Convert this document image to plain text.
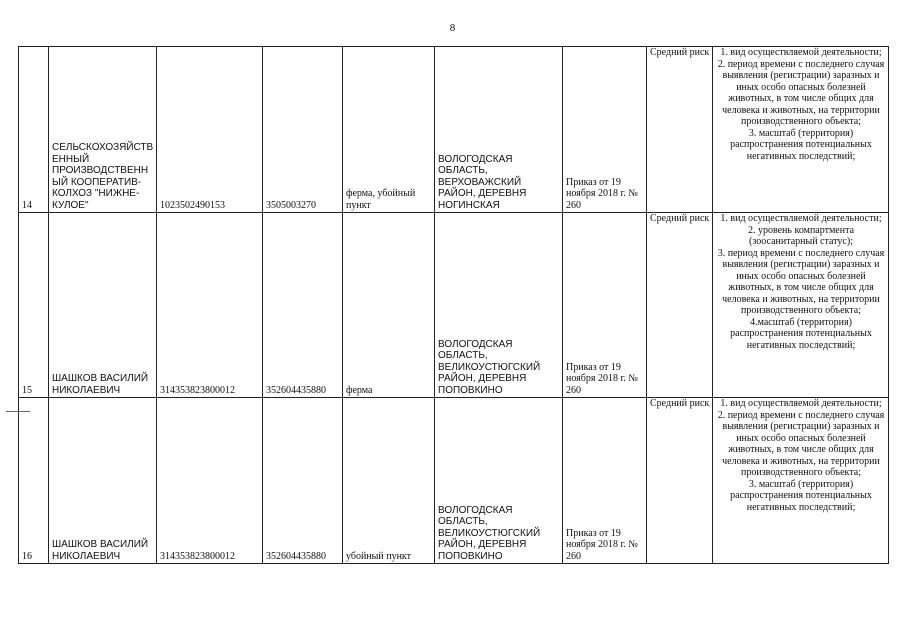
8
14	СЕЛЬСКОХОЗЯЙСТВЕННЫЙ ПРОИЗВОДСТВЕННЫЙ КООПЕРАТИВ-КОЛХОЗ "НИЖНЕ-КУЛОЕ"	1023502490153	3505003270	ферма, убойный пункт	ВОЛОГОДСКАЯ ОБЛАСТЬ, ВЕРХОВАЖСКИЙ РАЙОН, ДЕРЕВНЯ НОГИНСКАЯ	Приказ от 19 ноября 2018 г. № 260	Средний риск	1. вид осуществляемой деятельности;
2. период времени с последнего случая выявления (регистрации) заразных и иных особо опасных болезней животных, в том числе общих для человека и животных, на территории производственного объекта;
3. масштаб (территория) распространения потенциальных негативных последствий;
15	ШАШКОВ ВАСИЛИЙ НИКОЛАЕВИЧ	314353823800012	352604435880	ферма	ВОЛОГОДСКАЯ ОБЛАСТЬ, ВЕЛИКОУСТЮГСКИЙ РАЙОН, ДЕРЕВНЯ ПОПОВКИНО	Приказ от 19 ноября 2018 г. № 260	Средний риск	1. вид осуществляемой деятельности;
2. уровень компартмента (зоосанитарный статус);
3. период времени с последнего случая выявления (регистрации) заразных и иных особо опасных болезней животных, в том числе общих для человека и животных, на территории производственного объекта;
4.масштаб (территория) распространения потенциальных негативных последствий;
16	ШАШКОВ ВАСИЛИЙ НИКОЛАЕВИЧ	314353823800012	352604435880	убойный пункт	ВОЛОГОДСКАЯ ОБЛАСТЬ, ВЕЛИКОУСТЮГСКИЙ РАЙОН, ДЕРЕВНЯ ПОПОВКИНО	Приказ от 19 ноября 2018 г. № 260	Средний риск	1. вид осуществляемой деятельности;
2. период времени с последнего случая выявления (регистрации) заразных и иных особо опасных болезней животных, в том числе общих для человека и животных, на территории производственного объекта;
3. масштаб (территория) распространения потенциальных негативных последствий;
